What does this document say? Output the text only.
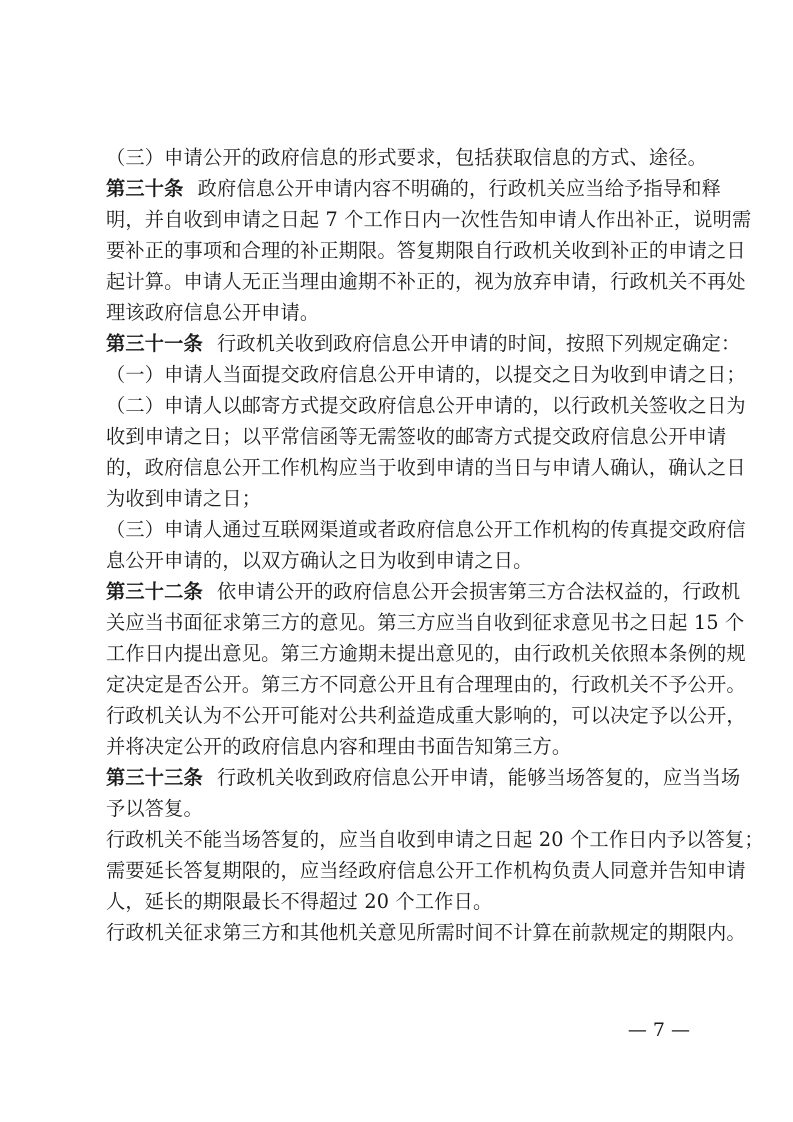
（三）申请公开的政府信息的形式要求，包括获取信息的方式、途径。
第三十条 政府信息公开申请内容不明确的，行政机关应当给予指导和释
明，并自收到申请之日起 7 个工作日内一次性告知申请人作出补正，说明需
要补正的事项和合理的补正期限。答复期限自行政机关收到补正的申请之日
起计算。申请人无正当理由逾期不补正的，视为放弃申请，行政机关不再处
理该政府信息公开申请。
第三十一条 行政机关收到政府信息公开申请的时间，按照下列规定确定：
（一）申请人当面提交政府信息公开申请的，以提交之日为收到申请之日；
（二）申请人以邮寄方式提交政府信息公开申请的，以行政机关签收之日为
收到申请之日；以平常信函等无需签收的邮寄方式提交政府信息公开申请
的，政府信息公开工作机构应当于收到申请的当日与申请人确认，确认之日
为收到申请之日；
（三）申请人通过互联网渠道或者政府信息公开工作机构的传真提交政府信
息公开申请的，以双方确认之日为收到申请之日。
第三十二条 依申请公开的政府信息公开会损害第三方合法权益的，行政机
关应当书面征求第三方的意见。第三方应当自收到征求意见书之日起 15 个
工作日内提出意见。第三方逾期未提出意见的，由行政机关依照本条例的规
定决定是否公开。第三方不同意公开且有合理理由的，行政机关不予公开。
行政机关认为不公开可能对公共利益造成重大影响的，可以决定予以公开，
并将决定公开的政府信息内容和理由书面告知第三方。
第三十三条 行政机关收到政府信息公开申请，能够当场答复的，应当当场
予以答复。
行政机关不能当场答复的，应当自收到申请之日起 20 个工作日内予以答复；
需要延长答复期限的，应当经政府信息公开工作机构负责人同意并告知申请
人，延长的期限最长不得超过 20 个工作日。
行政机关征求第三方和其他机关意见所需时间不计算在前款规定的期限内。
— 7 —
